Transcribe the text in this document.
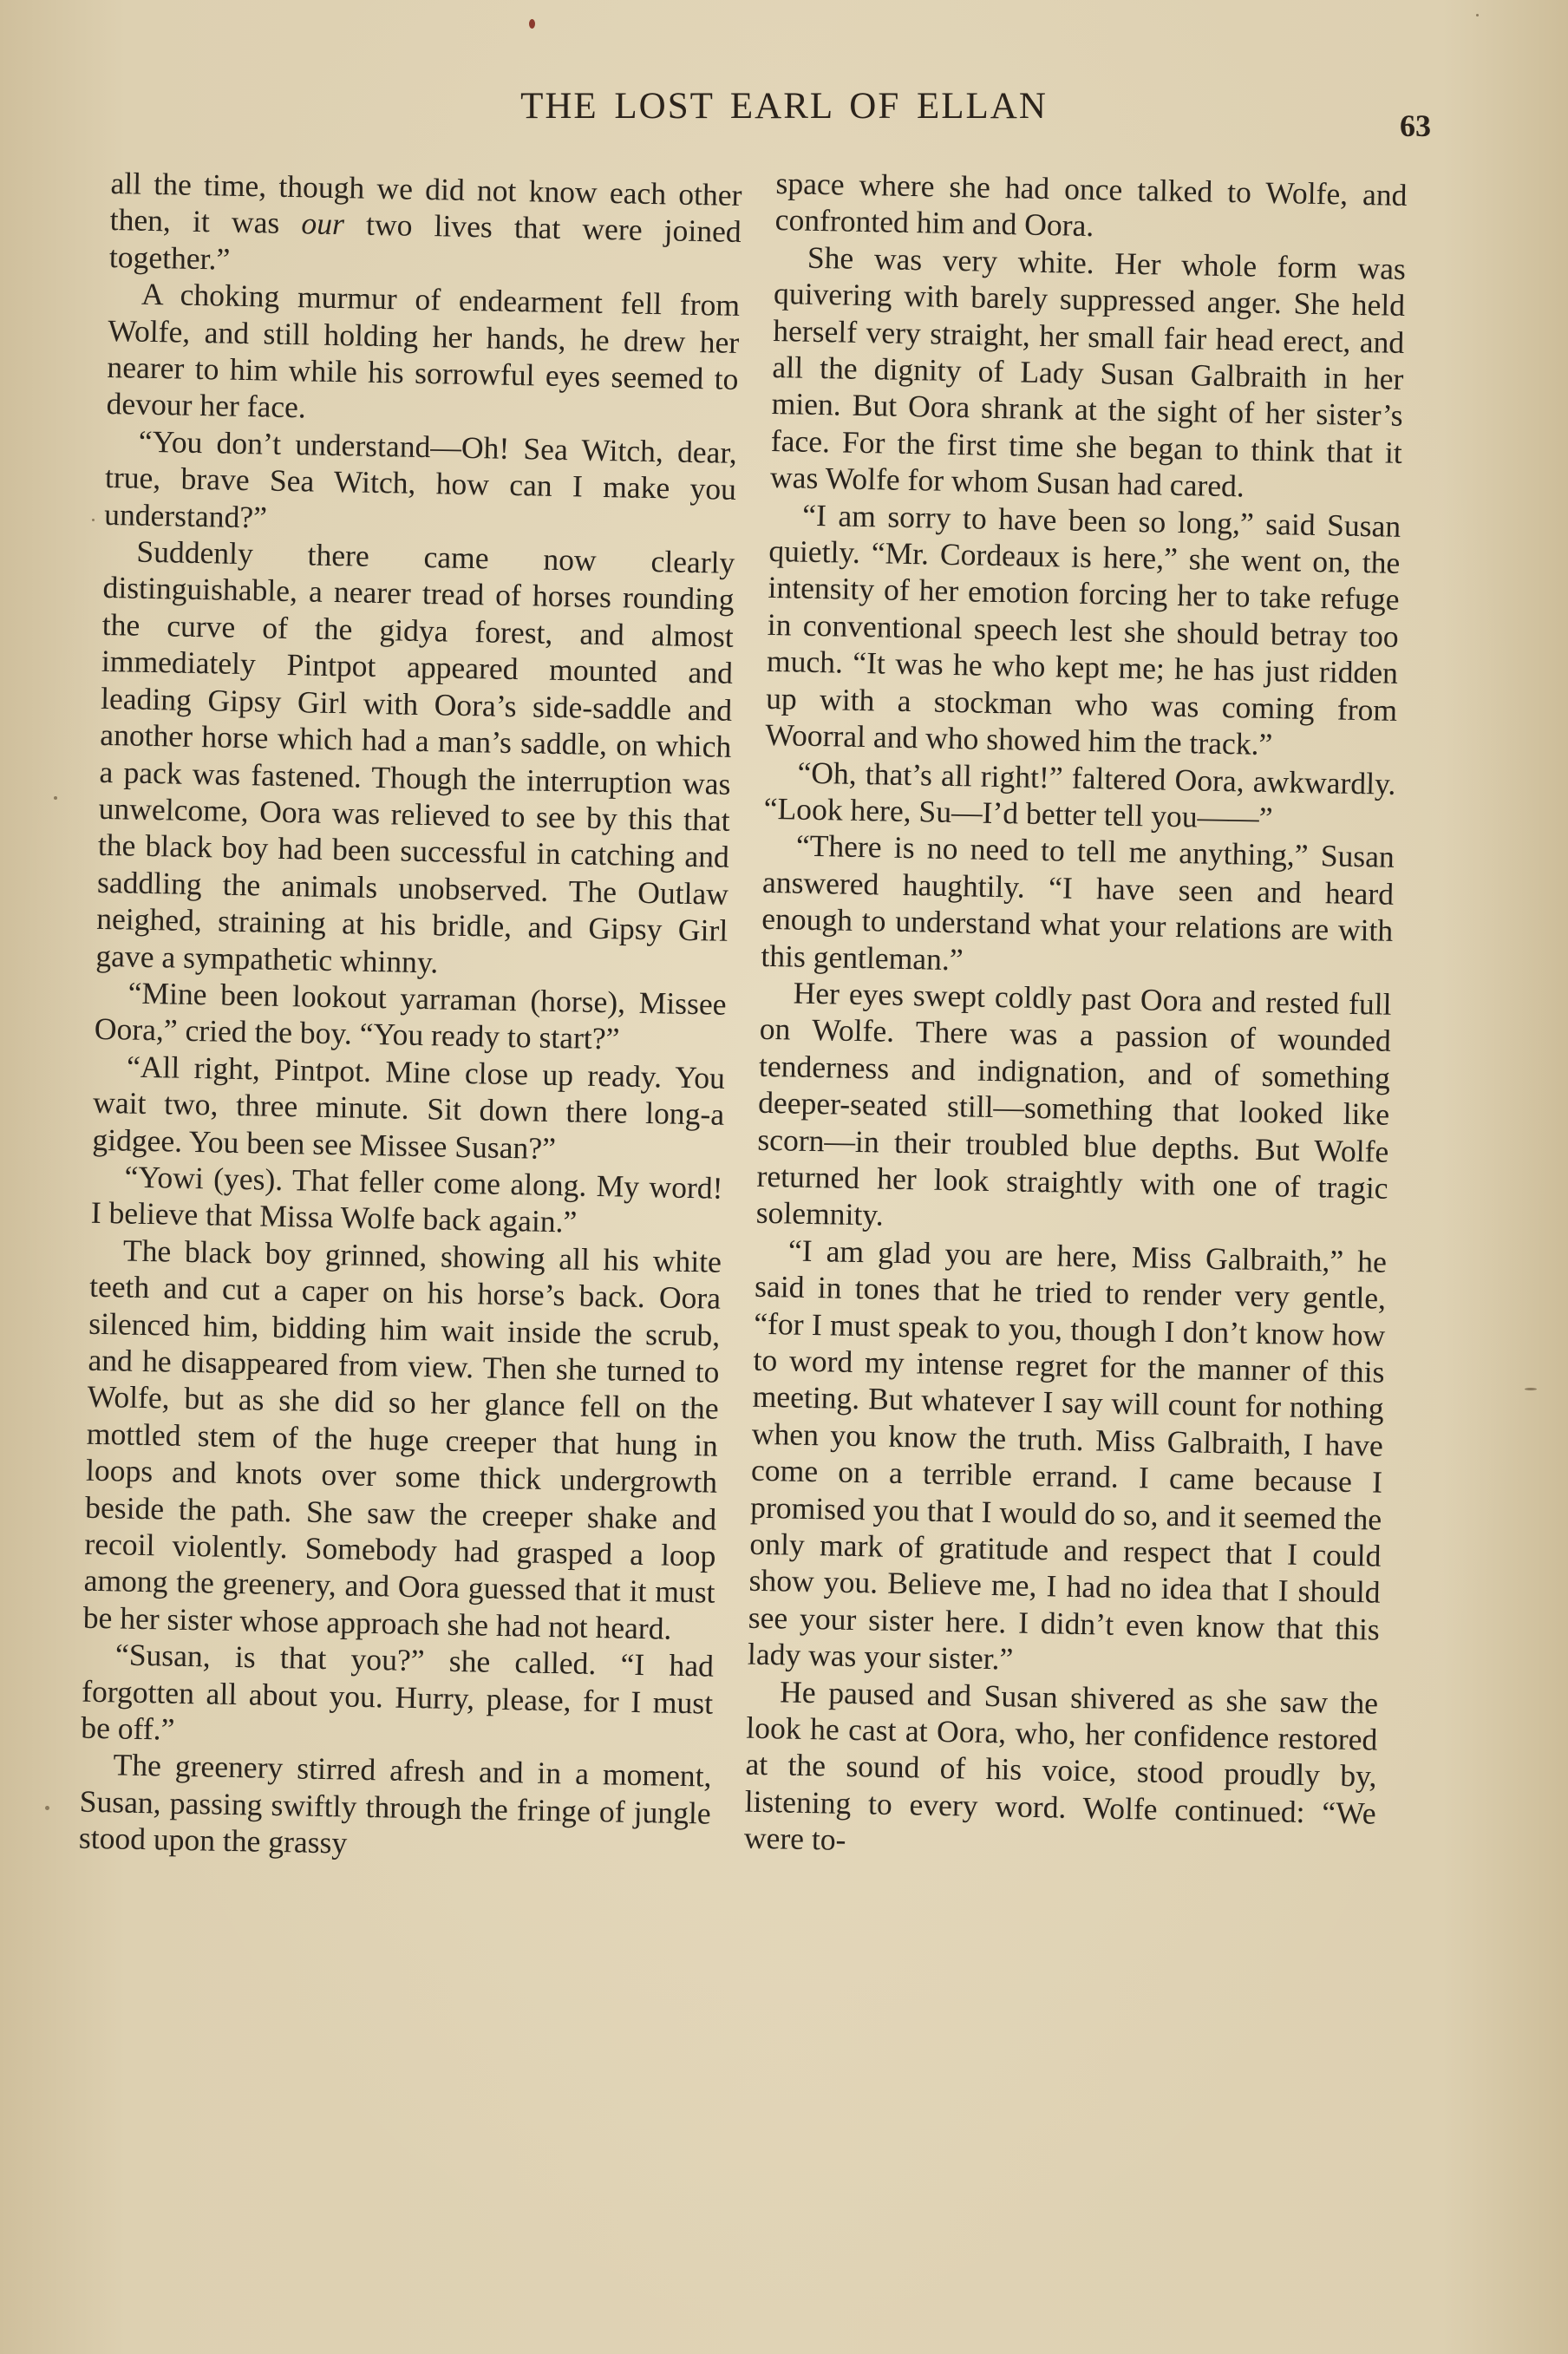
THE LOST EARL OF ELLAN	63

all the time, though we did not know each other then, it was our two lives that were joined together.”

A choking murmur of endearment fell from Wolfe, and still holding her hands, he drew her nearer to him while his sorrowful eyes seemed to devour her face.

“You don’t understand—Oh! Sea Witch, dear, true, brave Sea Witch, how can I make you understand?”

Suddenly there came now clearly distinguishable, a nearer tread of horses rounding the curve of the gidya forest, and almost immediately Pintpot appeared mounted and leading Gipsy Girl with Oora’s side-saddle and another horse which had a man’s saddle, on which a pack was fastened. Though the interruption was unwelcome, Oora was relieved to see by this that the black boy had been successful in catching and saddling the animals unobserved. The Outlaw neighed, straining at his bridle, and Gipsy Girl gave a sympathetic whinny.

“Mine been lookout yarraman (horse), Missee Oora,” cried the boy. “You ready to start?”

“All right, Pintpot. Mine close up ready. You wait two, three minute. Sit down there long-a gidgee. You been see Missee Susan?”

“Yowi (yes). That feller come along. My word! I believe that Missa Wolfe back again.”

The black boy grinned, showing all his white teeth and cut a caper on his horse’s back. Oora silenced him, bidding him wait inside the scrub, and he disappeared from view. Then she turned to Wolfe, but as she did so her glance fell on the mottled stem of the huge creeper that hung in loops and knots over some thick undergrowth beside the path. She saw the creeper shake and recoil violently. Somebody had grasped a loop among the greenery, and Oora guessed that it must be her sister whose approach she had not heard.

“Susan, is that you?” she called. “I had forgotten all about you. Hurry, please, for I must be off.”

The greenery stirred afresh and in a moment, Susan, passing swiftly through the fringe of jungle stood upon the grassy

space where she had once talked to Wolfe, and confronted him and Oora.

She was very white. Her whole form was quivering with barely suppressed anger. She held herself very straight, her small fair head erect, and all the dignity of Lady Susan Galbraith in her mien. But Oora shrank at the sight of her sister’s face. For the first time she began to think that it was Wolfe for whom Susan had cared.

“I am sorry to have been so long,” said Susan quietly. “Mr. Cordeaux is here,” she went on, the intensity of her emotion forcing her to take refuge in conventional speech lest she should betray too much. “It was he who kept me; he has just ridden up with a stockman who was coming from Woorral and who showed him the track.”

“Oh, that’s all right!” faltered Oora, awkwardly. “Look here, Su—I’d better tell you——”

“There is no need to tell me anything,” Susan answered haughtily. “I have seen and heard enough to understand what your relations are with this gentleman.”

Her eyes swept coldly past Oora and rested full on Wolfe. There was a passion of wounded tenderness and indignation, and of something deeper-seated still—something that looked like scorn—in their troubled blue depths. But Wolfe returned her look straightly with one of tragic solemnity.

“I am glad you are here, Miss Galbraith,” he said in tones that he tried to render very gentle, “for I must speak to you, though I don’t know how to word my intense regret for the manner of this meeting. But whatever I say will count for nothing when you know the truth. Miss Galbraith, I have come on a terrible errand. I came because I promised you that I would do so, and it seemed the only mark of gratitude and respect that I could show you. Believe me, I had no idea that I should see your sister here. I didn’t even know that this lady was your sister.”

He paused and Susan shivered as she saw the look he cast at Oora, who, her confidence restored at the sound of his voice, stood proudly by, listening to every word. Wolfe continued: “We were to-
